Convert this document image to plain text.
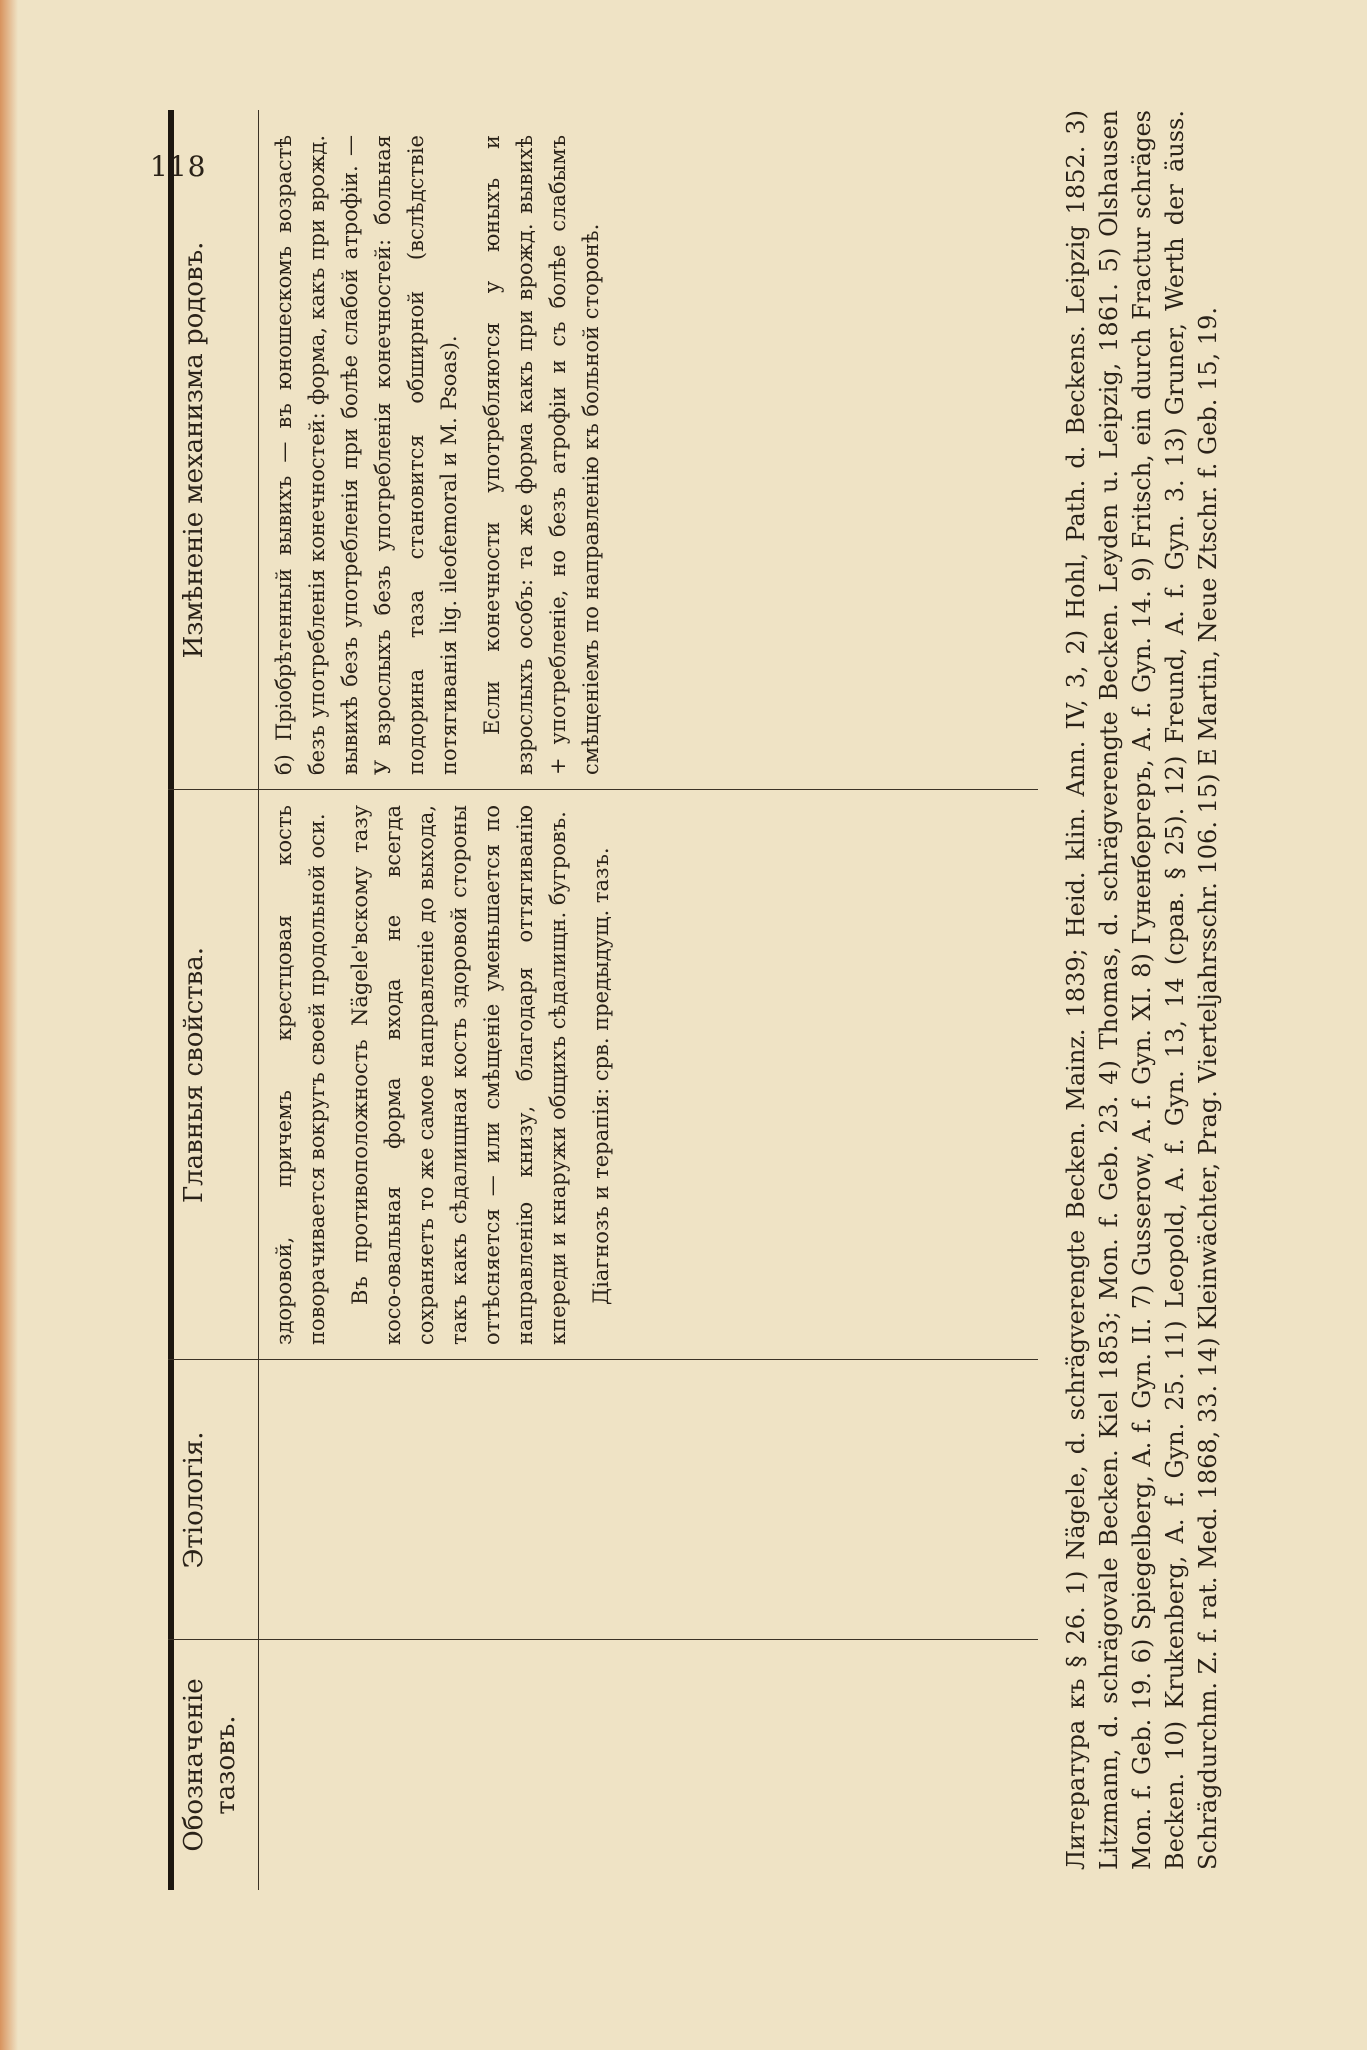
118
Обозначеніе тазовъ.
Этіологія.
Главныя свойства.
Измѣненіе механизма родовъ.

здоровой, причемъ крестцовая кость поворачивается вокругъ своей продольной оси. Въ противоположность Nägele'вскому тазу косо-овальная форма входа не всегда сохраняетъ то же самое направленіе до выхода, такъ какъ сѣдалищная кость здоровой стороны оттѣсняется — или смѣщеніе уменьшается по направленію книзу, благодаря оттягиванію кпереди и кнаружи общихъ сѣдалищн. бугровъ. Діагнозъ и терапія: срв. предыдущ. тазъ.

б) Пріобрѣтенный вывихъ — въ юношескомъ возрастѣ безъ употребленія конечностей: форма, какъ при врожд. вывихѣ безъ употребленія при болѣе слабой атрофіи. — У взрослыхъ безъ употребленія конечностей: больная подорина таза становится обширной (вслѣдствіе потягиванія lig. ileofemoral и M. Psoas). Если конечности употребляются у юныхъ и взрослыхъ особъ: та же форма какъ при врожд. вывихѣ + употребленіе, но безъ атрофіи и съ болѣе слабымъ смѣщеніемъ по направленію къ больной сторонѣ.	Литература къ § 26. 1) Nägele, d. schrägverengte Becken. Mainz. 1839; Heid. klin. Ann. IV, 3, 2) Hohl, Path. d. Beckens. Leipzig 1852. 3) Litzmann, d. schrägovale Becken. Kiel 1853; Mon. f. Geb. 23. 4) Thomas, d. schrägverengte Becken. Leyden u. Leipzig, 1861. 5) Olshausen Mon. f. Geb. 19. 6) Spiegelberg, A. f. Gyn. II. 7) Gusserow, A. f. Gyn. XI. 8) Гуненбергеръ, A. f. Gyn. 14. 9) Fritsch, ein durch Fractur schräges Becken. 10) Krukenberg, A. f. Gyn. 25. 11) Leopold, A. f. Gyn. 13, 14 (срав. § 25). 12) Freund, A. f. Gyn. 3. 13) Gruner, Werth der äuss. Schrägdurchm. Z. f. rat. Med. 1868, 33. 14) Kleinwächter, Prag. Vierteljahrsschr. 106. 15) E Martin, Neue Ztschr. f. Geb. 15, 19.
